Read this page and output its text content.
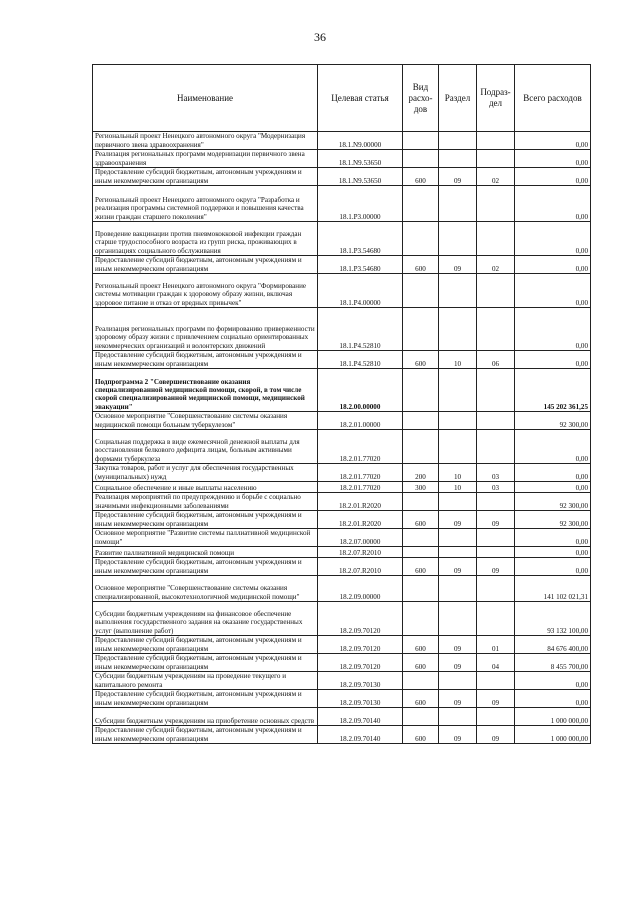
36
Наименование	Целевая статья	Вид расхо-дов	Раздел	Подраз-дел	Всего расходов
Региональный проект Ненецкого автономного округа "Модернизация первичного звена здравоохранения"	18.1.N9.00000				0,00
Реализация региональных программ модернизации первичного звена здравоохранения	18.1.N9.53650				0,00
Предоставление субсидий бюджетным, автономным учреждениям и иным некоммерческим организациям	18.1.N9.53650	600	09	02	0,00
Региональный проект Ненецкого автономного округа "Разработка и реализация программы системной поддержки и повышения качества жизни граждан старшего поколения"	18.1.P3.00000				0,00
Проведение вакцинации против пневмококковой инфекции граждан старше трудоспособного возраста из групп риска, проживающих в организациях социального обслуживания	18.1.P3.54680				0,00
Предоставление субсидий бюджетным, автономным учреждениям и иным некоммерческим организациям	18.1.P3.54680	600	09	02	0,00
Региональный проект Ненецкого автономного округа "Формирование системы мотивации граждан к здоровому образу жизни, включая здоровое питание и отказ от вредных привычек"	18.1.P4.00000				0,00
Реализация региональных программ по формированию приверженности здоровому образу жизни с привлечением социально ориентированных некоммерческих организаций и волонтерских движений	18.1.P4.52810				0,00
Предоставление субсидий бюджетным, автономным учреждениям и иным некоммерческим организациям	18.1.P4.52810	600	10	06	0,00
Подпрограмма 2 "Совершенствование оказания специализированной медицинской помощи, скорой, в том числе скорой специализированной медицинской помощи, медицинской эвакуации"	18.2.00.00000				145 202 361,25
Основное мероприятие "Совершенствование системы оказания медицинской помощи больным туберкулезом"	18.2.01.00000				92 300,00
Социальная поддержка в виде ежемесячной денежной выплаты для восстановления белкового дефицита лицам, больным активными формами туберкулеза	18.2.01.77020				0,00
Закупка товаров, работ и услуг для обеспечения государственных (муниципальных) нужд	18.2.01.77020	200	10	03	0,00
Социальное обеспечение и иные выплаты населению	18.2.01.77020	300	10	03	0,00
Реализация мероприятий по предупреждению и борьбе с социально значимыми инфекционными заболеваниями	18.2.01.R2020				92 300,00
Предоставление субсидий бюджетным, автономным учреждениям и иным некоммерческим организациям	18.2.01.R2020	600	09	09	92 300,00
Основное мероприятие "Развитие системы паллиативной медицинской помощи"	18.2.07.00000				0,00
Развитие паллиативной медицинской помощи	18.2.07.R2010				0,00
Предоставление субсидий бюджетным, автономным учреждениям и иным некоммерческим организациям	18.2.07.R2010	600	09	09	0,00
Основное мероприятие "Совершенствование системы оказания специализированной, высокотехнологичной медицинской помощи"	18.2.09.00000				141 102 021,31
Субсидии бюджетным учреждениям на финансовое обеспечение выполнения государственного задания на оказание государственных услуг (выполнение работ)	18.2.09.70120				93 132 100,00
Предоставление субсидий бюджетным, автономным учреждениям и иным некоммерческим организациям	18.2.09.70120	600	09	01	84 676 400,00
Предоставление субсидий бюджетным, автономным учреждениям и иным некоммерческим организациям	18.2.09.70120	600	09	04	8 455 700,00
Субсидии бюджетным учреждениям на проведение текущего и капитального ремонта	18.2.09.70130				0,00
Предоставление субсидий бюджетным, автономным учреждениям и иным некоммерческим организациям	18.2.09.70130	600	09	09	0,00
Субсидии бюджетным учреждениям на приобретение основных средств	18.2.09.70140				1 000 000,00
Предоставление субсидий бюджетным, автономным учреждениям и иным некоммерческим организациям	18.2.09.70140	600	09	09	1 000 000,00
